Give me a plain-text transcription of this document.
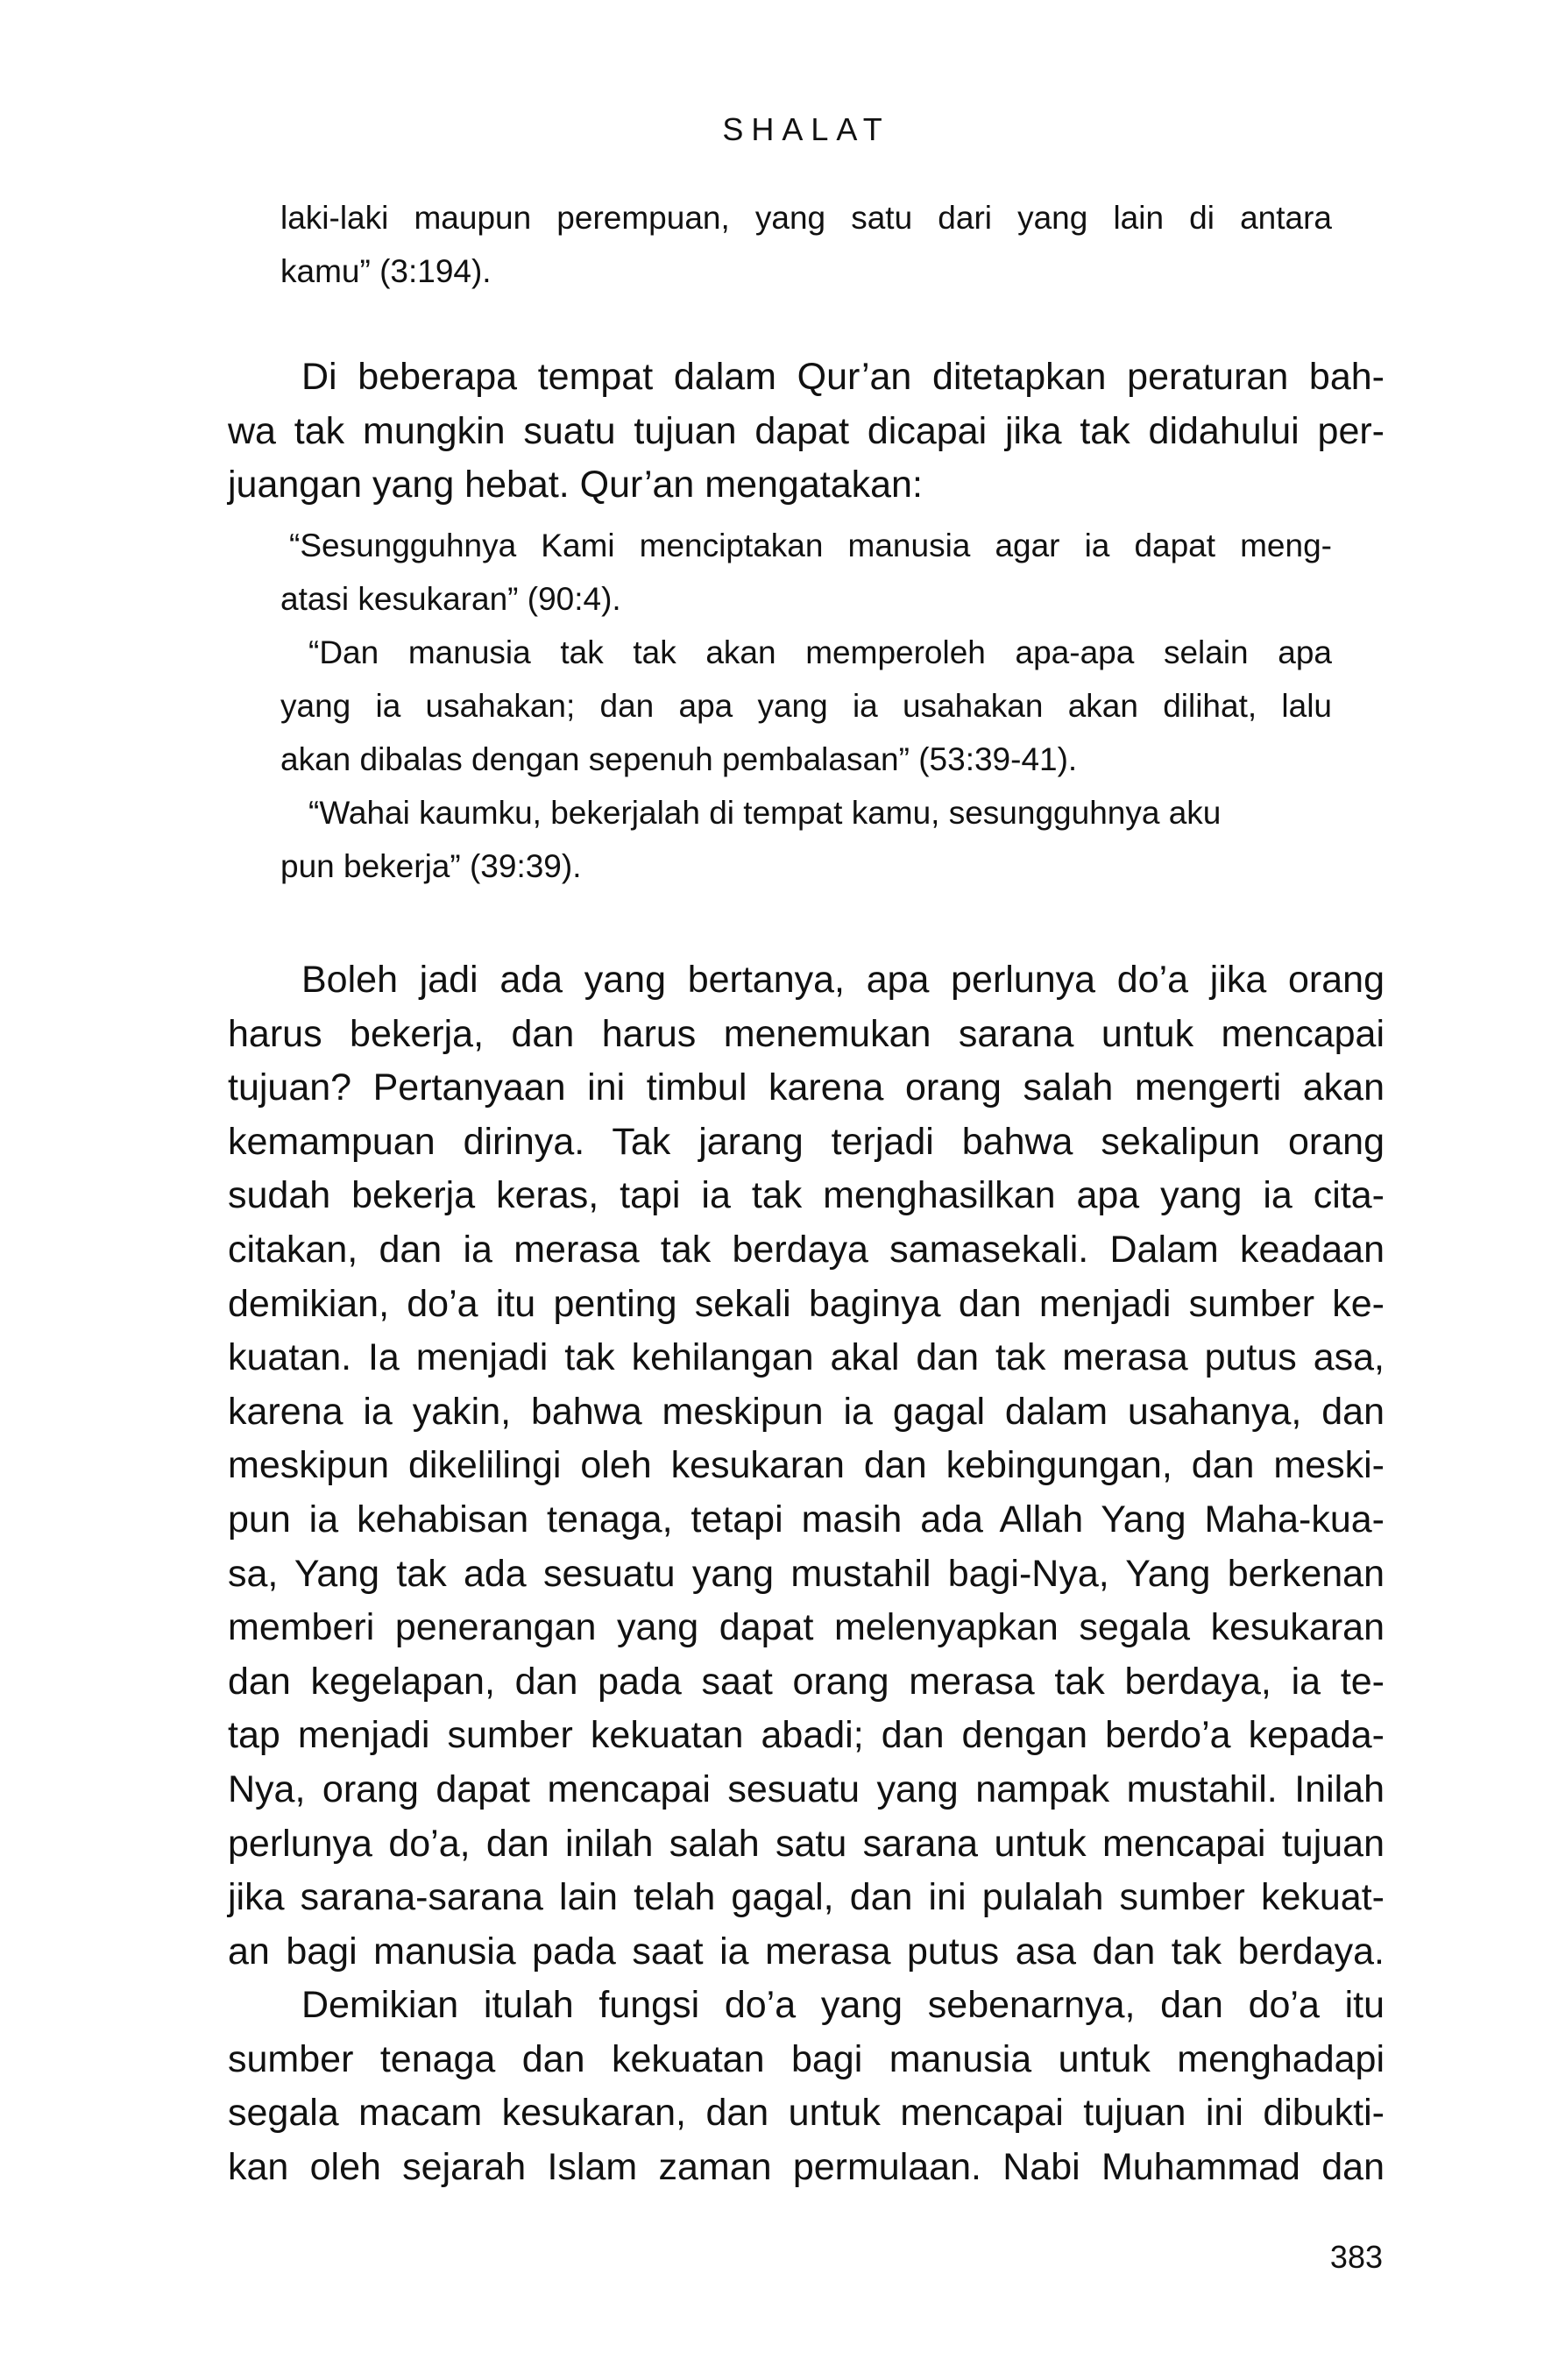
SHALAT
laki-laki maupun perempuan, yang satu dari yang lain di antara
kamu” (3:194).
Di beberapa tempat dalam Qur’an ditetapkan peraturan bah-
wa tak mungkin suatu tujuan dapat dicapai jika tak didahului per-
juangan yang hebat. Qur’an mengatakan:
“Sesungguhnya Kami menciptakan manusia agar ia dapat meng-
atasi kesukaran” (90:4).
“Dan manusia tak tak akan memperoleh apa-apa selain apa
yang ia usahakan; dan apa yang ia usahakan akan dilihat, lalu
akan dibalas dengan sepenuh pembalasan” (53:39-41).
“Wahai kaumku, bekerjalah di tempat kamu, sesungguhnya aku
pun bekerja” (39:39).
Boleh jadi ada yang bertanya, apa perlunya do’a jika orang
harus bekerja, dan harus menemukan sarana untuk mencapai
tujuan? Pertanyaan ini timbul karena orang salah mengerti akan
kemampuan dirinya. Tak jarang terjadi bahwa sekalipun orang
sudah bekerja keras, tapi ia tak menghasilkan apa yang ia cita-
citakan, dan ia merasa tak berdaya samasekali. Dalam keadaan
demikian, do’a itu penting sekali baginya dan menjadi sumber ke-
kuatan. Ia menjadi tak kehilangan akal dan tak merasa putus asa,
karena ia yakin, bahwa meskipun ia gagal dalam usahanya, dan
meskipun dikelilingi oleh kesukaran dan kebingungan, dan meski-
pun ia kehabisan tenaga, tetapi masih ada Allah Yang Maha-kua-
sa, Yang tak ada sesuatu yang mustahil bagi-Nya, Yang berkenan
memberi penerangan yang dapat melenyapkan segala kesukaran
dan kegelapan, dan pada saat orang merasa tak berdaya, ia te-
tap menjadi sumber kekuatan abadi; dan dengan berdo’a kepada-
Nya, orang dapat mencapai sesuatu yang nampak mustahil. Inilah
perlunya do’a, dan inilah salah satu sarana untuk mencapai tujuan
jika sarana-sarana lain telah gagal, dan ini pulalah sumber kekuat-
an bagi manusia pada saat ia merasa putus asa dan tak berdaya.
Demikian itulah fungsi do’a yang sebenarnya, dan do’a itu
sumber tenaga dan kekuatan bagi manusia untuk menghadapi
segala macam kesukaran, dan untuk mencapai tujuan ini dibukti-
kan oleh sejarah Islam zaman permulaan. Nabi Muhammad dan
383
